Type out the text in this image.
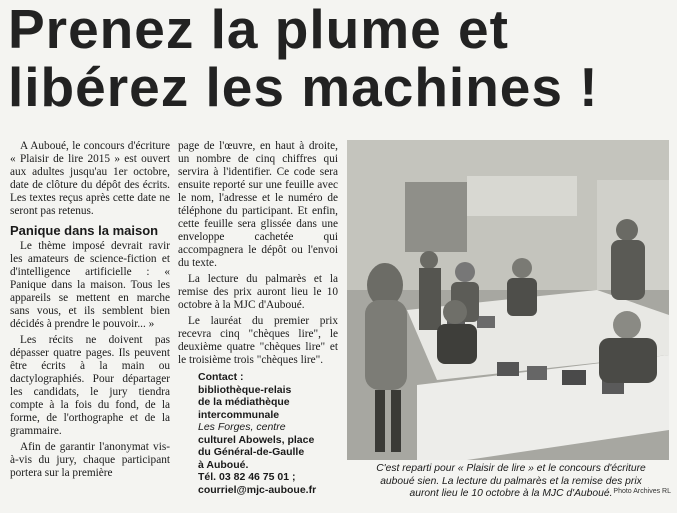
Prenez la plume et
libérez les machines !

A Auboué, le concours d'écriture « Plaisir de lire 2015 » est ouvert aux adultes jusqu'au 1er octobre, date de clôture du dépôt des écrits. Les textes reçus après cette date ne seront pas retenus.

Panique dans la maison

Le thème imposé devrait ravir les amateurs de science-fiction et d'intelligence artificielle : « Panique dans la maison. Tous les appareils se mettent en marche sans vous, et ils semblent bien décidés à prendre le pouvoir... »

Les récits ne doivent pas dépasser quatre pages. Ils peuvent être écrits à la main ou dactylographiés. Pour départager les candidats, le jury tiendra compte à la fois du fond, de la forme, de l'orthographe et de la grammaire.

Afin de garantir l'anonymat vis-à-vis du jury, chaque participant portera sur la première

page de l'œuvre, en haut à droite, un nombre de cinq chiffres qui servira à l'identifier. Ce code sera ensuite reporté sur une feuille avec le nom, l'adresse et le numéro de téléphone du participant. Et enfin, cette feuille sera glissée dans une enveloppe cachetée qui accompagnera le dépôt ou l'envoi du texte.

La lecture du palmarès et la remise des prix auront lieu le 10 octobre à la MJC d'Auboué.

Le lauréat du premier prix recevra cinq "chèques lire", le deuxième quatre "chèques lire" et le troisième trois "chèques lire".

Contact :
bibliothèque-relais
de la médiathèque
intercommunale
Les Forges, centre
culturel Abowels, place
du Général-de-Gaulle
à Auboué.
Tél. 03 82 46 75 01 ;
courriel@mjc-auboue.fr
C'est reparti pour « Plaisir de lire » et le concours d'écriture
auboué sien. La lecture du palmarès et la remise des prix
auront lieu le 10 octobre à la MJC d'Auboué. Photo Archives RL
